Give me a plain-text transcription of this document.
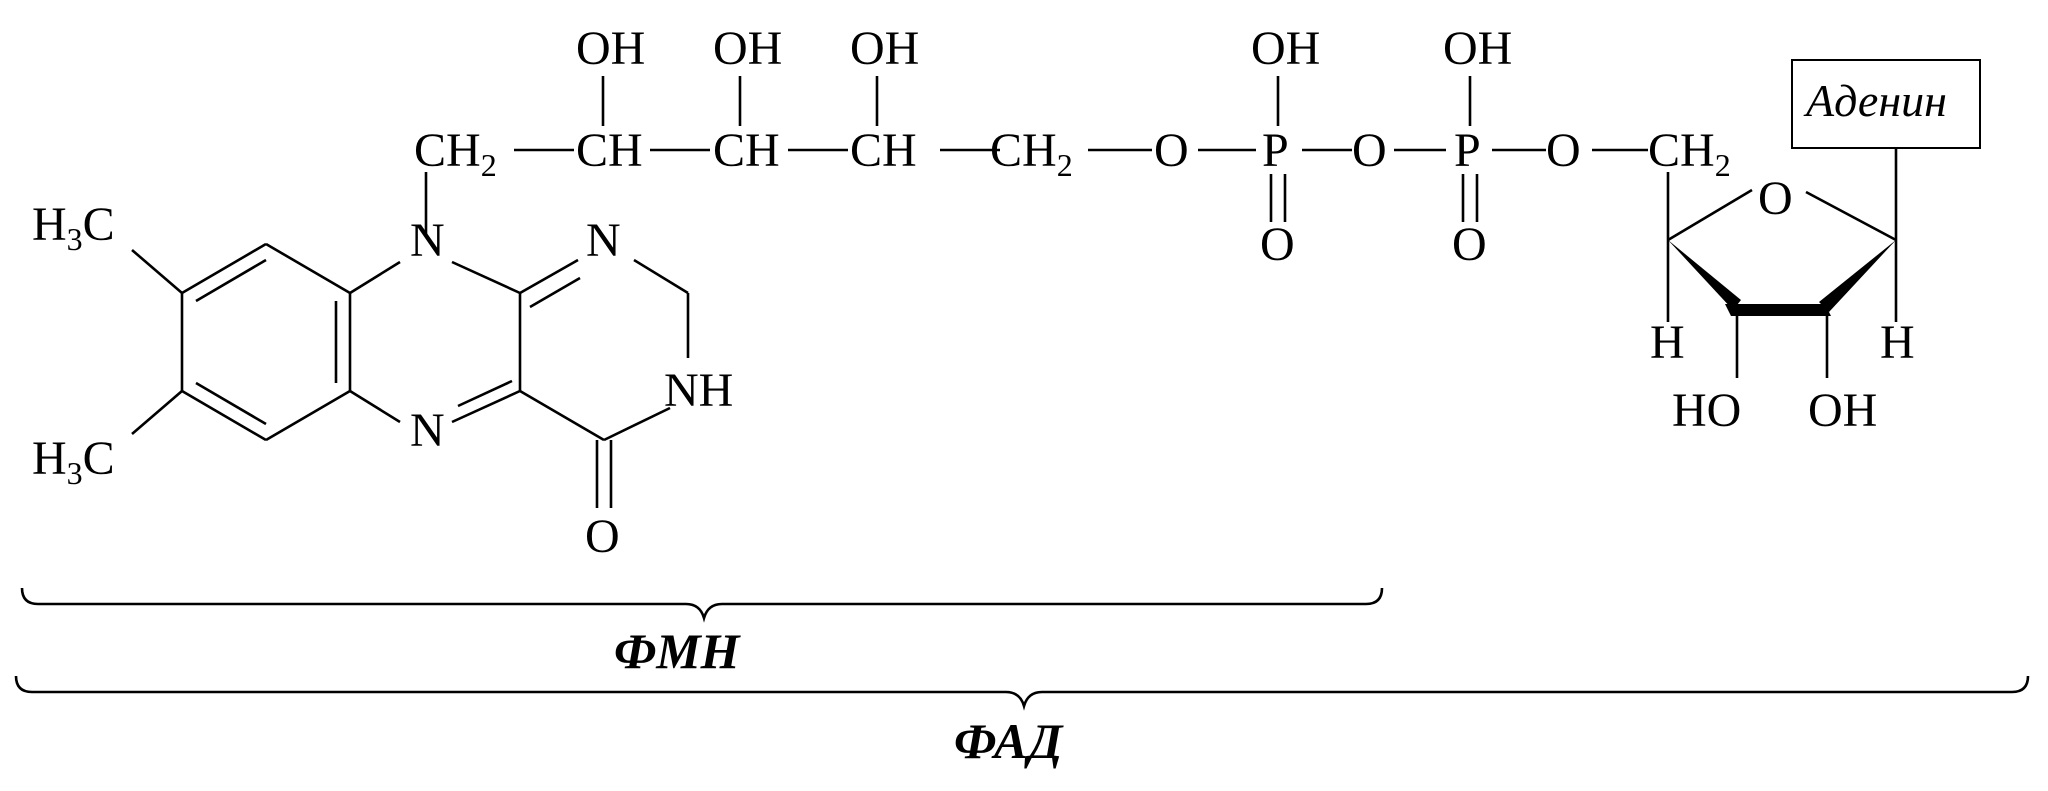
$H_3C$
$H_3C$
N
N
N
NH
O
$CH_2$ CH CH CH $CH_2$
OH OH OH
O P O P O
OH	OH
O	O
$CH_2$
O
H	H
HO OH
Аденин
ФМН
ФАД
